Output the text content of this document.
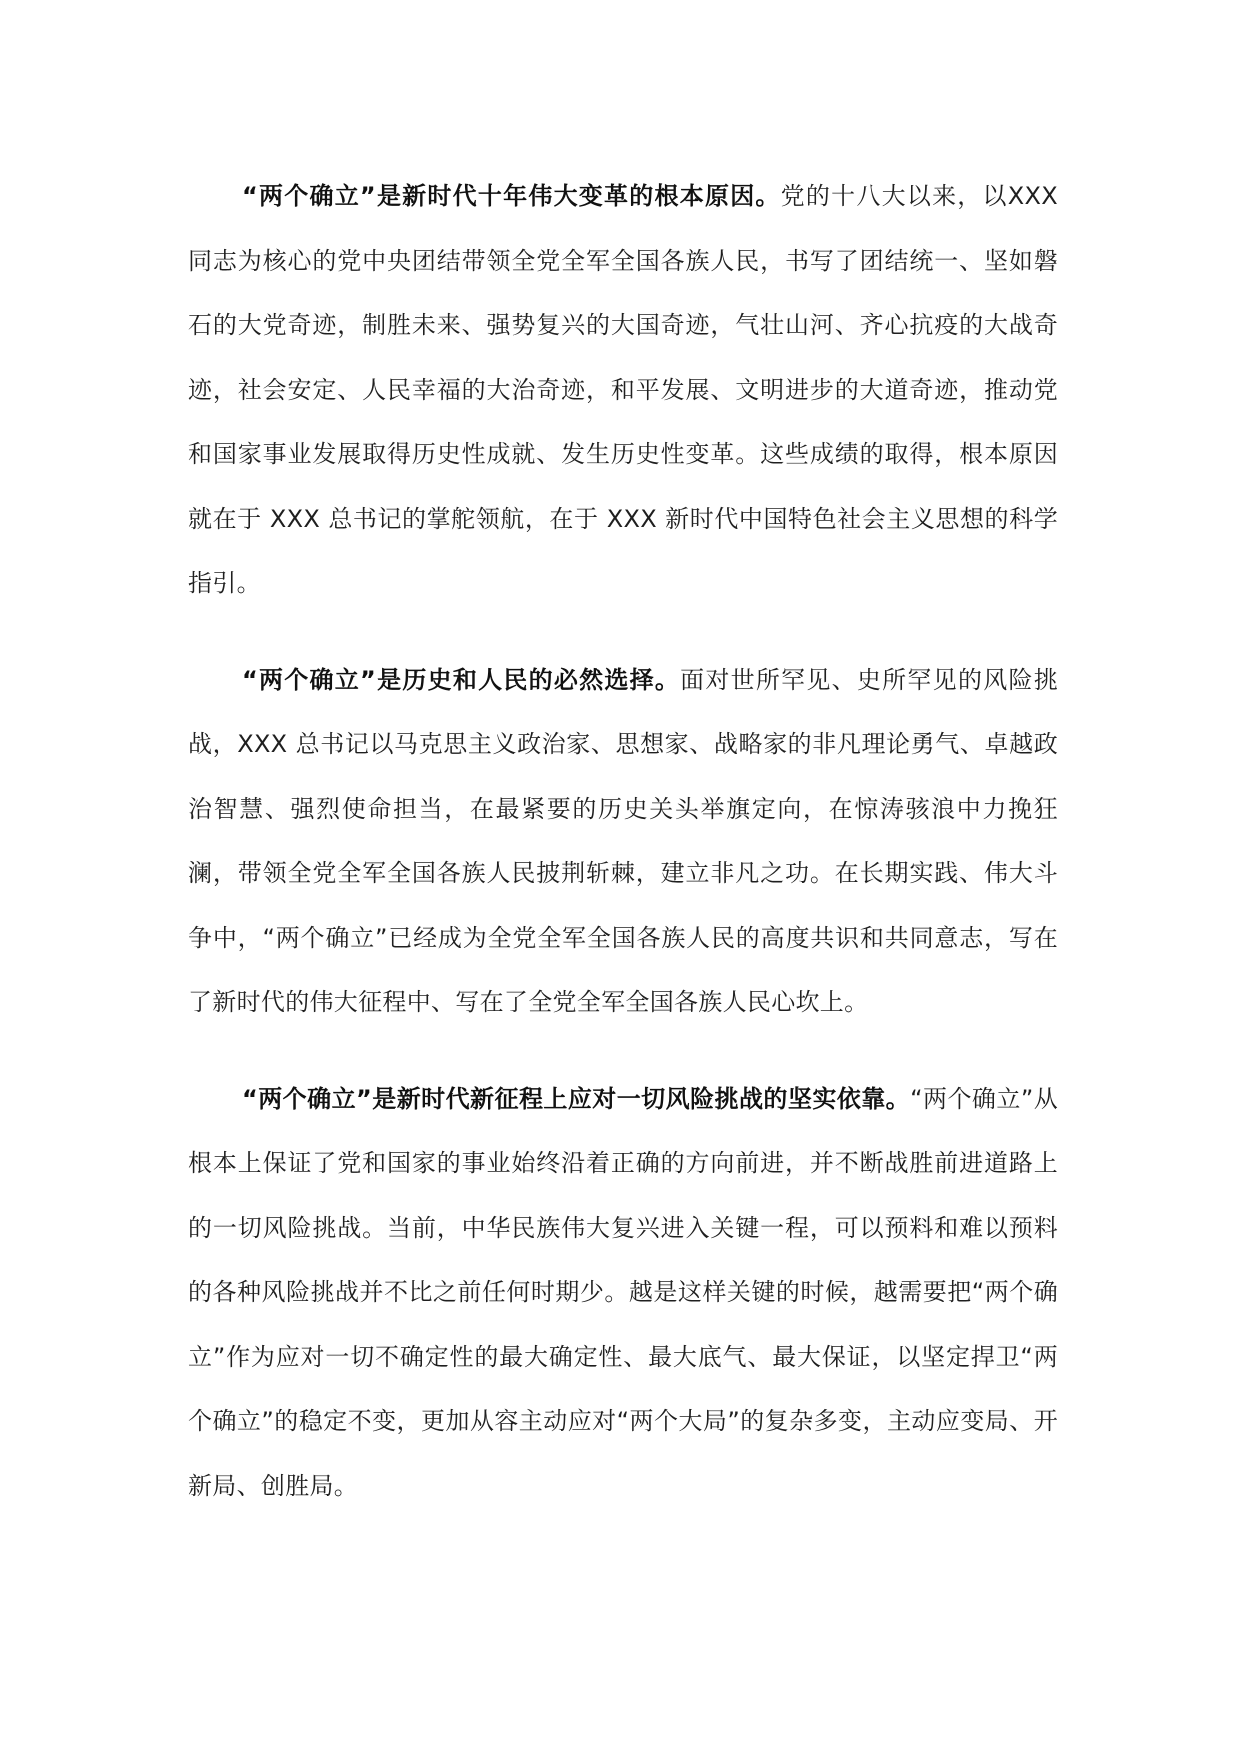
“两个确立”是新时代十年伟大变革的根本原因。党的十八大以来，以XXX 同志为核心的党中央团结带领全党全军全国各族人民，书写了团结统一、坚如磐石的大党奇迹，制胜未来、强势复兴的大国奇迹，气壮山河、齐心抗疫的大战奇迹，社会安定、人民幸福的大治奇迹，和平发展、文明进步的大道奇迹，推动党和国家事业发展取得历史性成就、发生历史性变革。这些成绩的取得，根本原因就在于 XXX 总书记的掌舵领航，在于 XXX 新时代中国特色社会主义思想的科学指引。

“两个确立”是历史和人民的必然选择。面对世所罕见、史所罕见的风险挑战，XXX 总书记以马克思主义政治家、思想家、战略家的非凡理论勇气、卓越政治智慧、强烈使命担当，在最紧要的历史关头举旗定向，在惊涛骇浪中力挽狂澜，带领全党全军全国各族人民披荆斩棘，建立非凡之功。在长期实践、伟大斗争中，“两个确立”已经成为全党全军全国各族人民的高度共识和共同意志，写在了新时代的伟大征程中、写在了全党全军全国各族人民心坎上。

“两个确立”是新时代新征程上应对一切风险挑战的坚实依靠。“两个确立”从根本上保证了党和国家的事业始终沿着正确的方向前进，并不断战胜前进道路上的一切风险挑战。当前，中华民族伟大复兴进入关键一程，可以预料和难以预料的各种风险挑战并不比之前任何时期少。越是这样关键的时候，越需要把“两个确立”作为应对一切不确定性的最大确定性、最大底气、最大保证，以坚定捍卫“两个确立”的稳定不变，更加从容主动应对“两个大局”的复杂多变，主动应变局、开新局、创胜局。
